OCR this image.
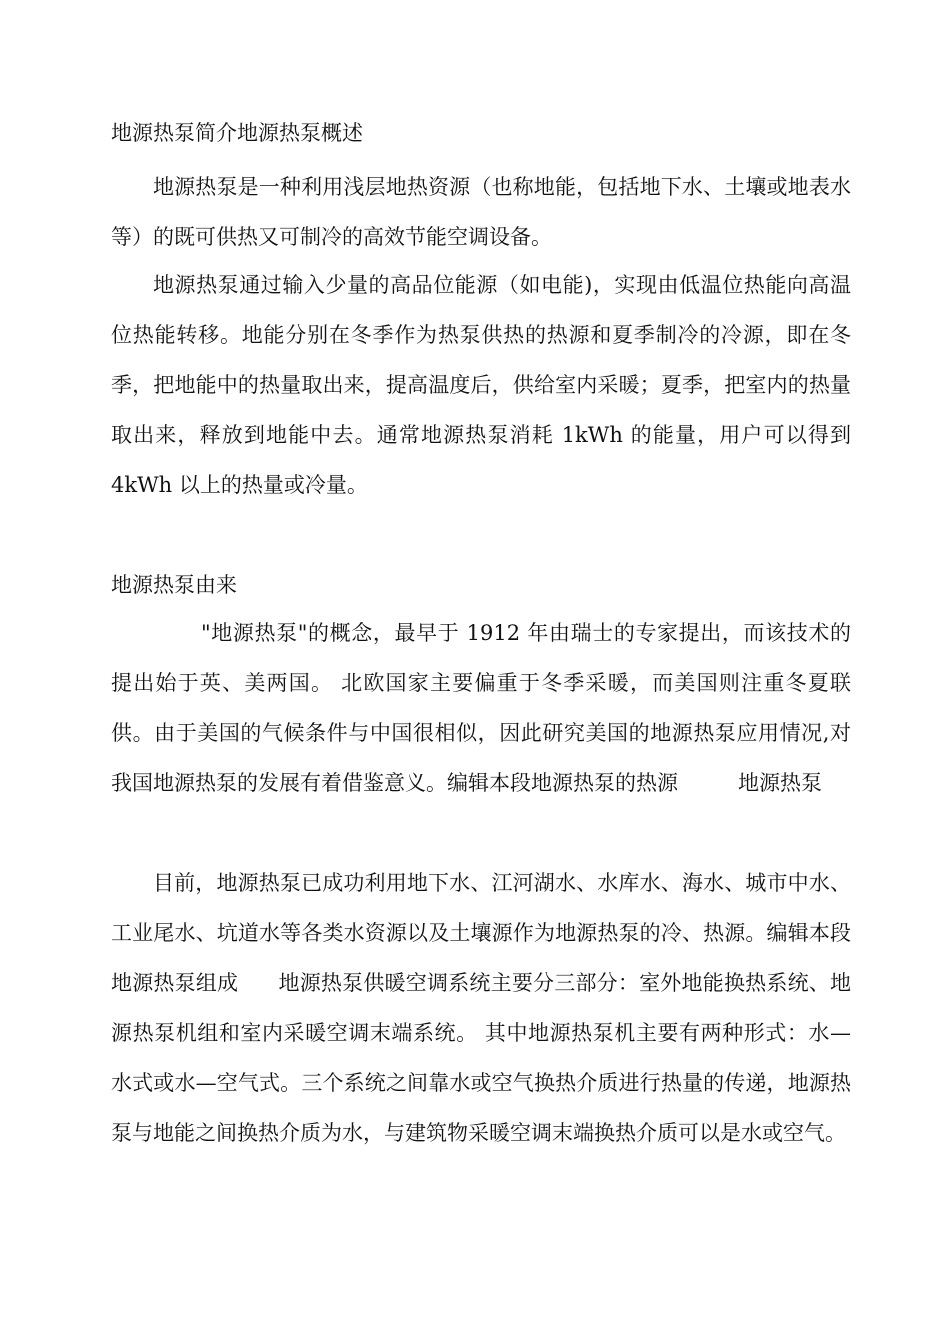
地源热泵简介地源热泵概述

地源热泵是一种利用浅层地热资源（也称地能，包括地下水、土壤或地表水等）的既可供热又可制冷的高效节能空调设备。

地源热泵通过输入少量的高品位能源（如电能)，实现由低温位热能向高温位热能转移。地能分别在冬季作为热泵供热的热源和夏季制冷的冷源，即在冬季，把地能中的热量取出来，提高温度后，供给室内采暖；夏季，把室内的热量取出来，释放到地能中去。通常地源热泵消耗 1kWh 的能量，用户可以得到 4kWh 以上的热量或冷量。

地源热泵由来

"地源热泵"的概念，最早于 1912 年由瑞士的专家提出，而该技术的提出始于英、美两国。 北欧国家主要偏重于冬季采暖，而美国则注重冬夏联供。由于美国的气候条件与中国很相似，因此研究美国的地源热泵应用情况,对我国地源热泵的发展有着借鉴意义。编辑本段地源热泵的热源	地源热泵

目前，地源热泵已成功利用地下水、江河湖水、水库水、海水、城市中水、工业尾水、坑道水等各类水资源以及土壤源作为地源热泵的冷、热源。编辑本段地源热泵组成 地源热泵供暖空调系统主要分三部分：室外地能换热系统、地源热泵机组和室内采暖空调末端系统。 其中地源热泵机主要有两种形式：水—水式或水—空气式。三个系统之间靠水或空气换热介质进行热量的传递，地源热泵与地能之间换热介质为水，与建筑物采暖空调末端换热介质可以是水或空气。
